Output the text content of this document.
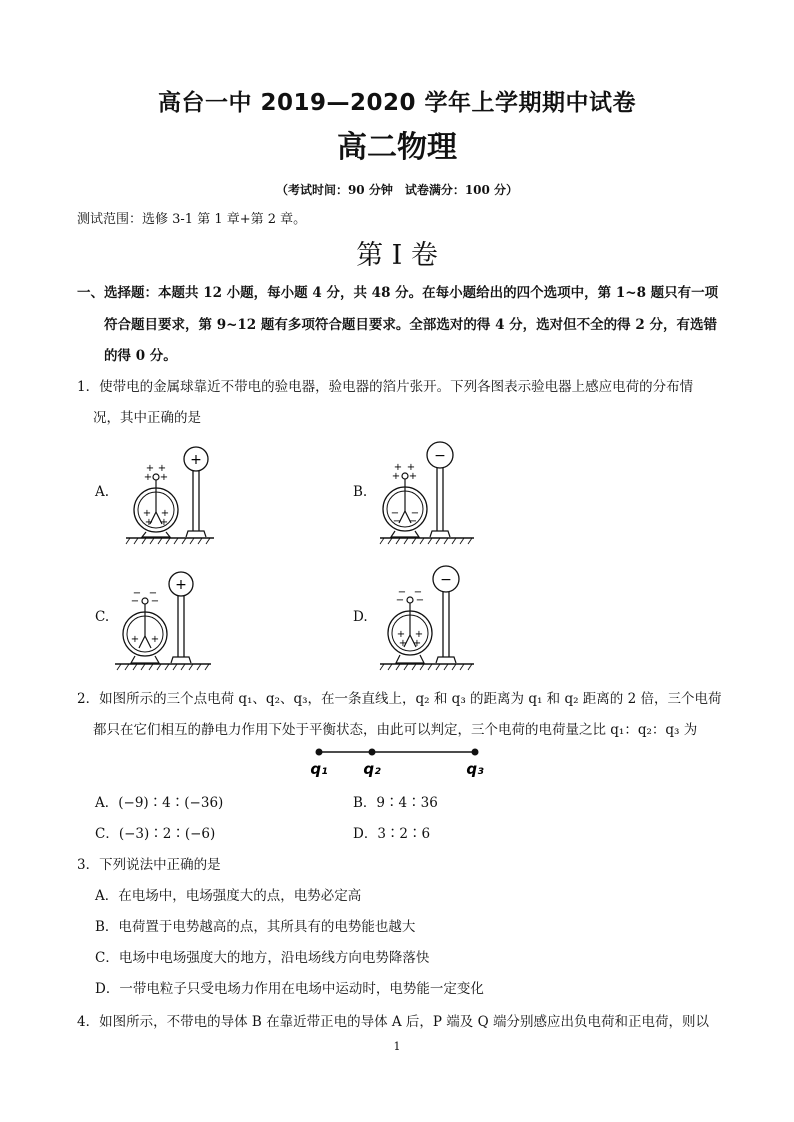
高台一中 2019—2020 学年上学期期中试卷
高二物理
（考试时间：90 分钟　试卷满分：100 分）
测试范围：选修 3-1 第 1 章+第 2 章。
第 I 卷
一、选择题：本题共 12 小题，每小题 4 分，共 48 分。在每小题给出的四个选项中，第 1~8 题只有一项
符合题目要求，第 9~12 题有多项符合题目要求。全部选对的得 4 分，选对但不全的得 2 分，有选错
的得 0 分。
1．使带电的金属球靠近不带电的验电器，验电器的箔片张开。下列各图表示验电器上感应电荷的分布情
况，其中正确的是
A.	B.
C.	D.
+
+ +
+ +
+ +
+ +
−
+ +
+ +
− −
− −
+
− −
− −
+ +
−
− −
− −
+ +
+ +
2．如图所示的三个点电荷 q₁、q₂、q₃，在一条直线上，q₂ 和 q₃ 的距离为 q₁ 和 q₂ 距离的 2 倍，三个电荷
都只在它们相互的静电力作用下处于平衡状态，由此可以判定，三个电荷的电荷量之比 q₁：q₂：q₃ 为
q₁ q₂	q₃
A．(−9)∶4∶(−36)	B．9∶4∶36
C．(−3)∶2∶(−6)	D．3∶2∶6
3．下列说法中正确的是
A．在电场中，电场强度大的点，电势必定高
B．电荷置于电势越高的点，其所具有的电势能也越大
C．电场中电场强度大的地方，沿电场线方向电势降落快
D．一带电粒子只受电场力作用在电场中运动时，电势能一定变化
4．如图所示，不带电的导体 B 在靠近带正电的导体 A 后，P 端及 Q 端分别感应出负电荷和正电荷，则以
1
